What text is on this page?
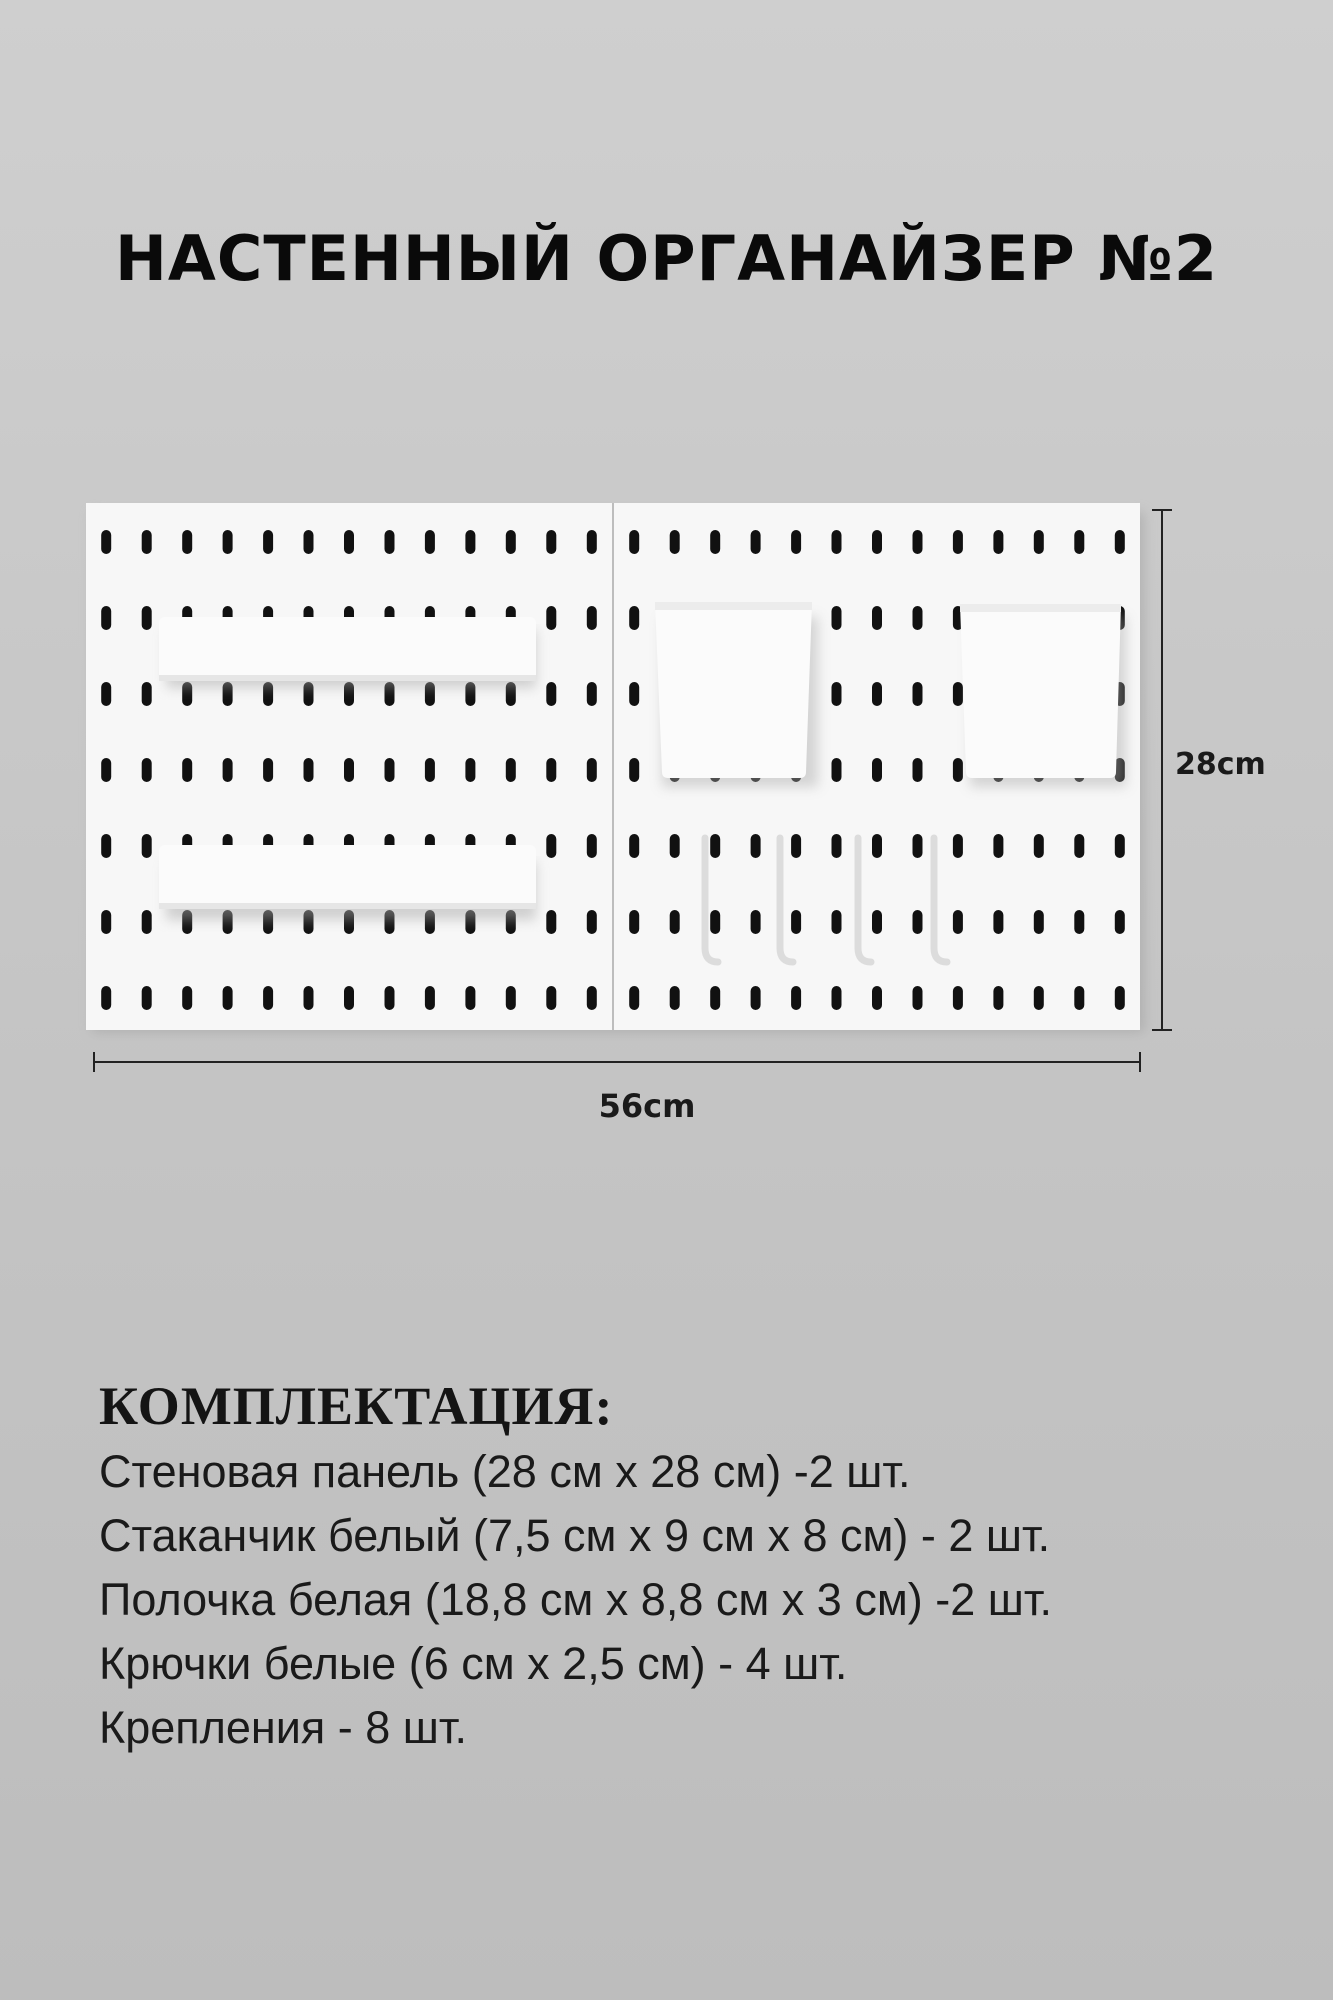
НАСТЕННЫЙ ОРГАНАЙЗЕР №2
28cm
56cm
КОМПЛЕКТАЦИЯ:
Стеновая панель (28 см х 28 см) -2 шт.
Стаканчик белый (7,5 см х 9 см х 8 см) - 2 шт.
Полочка белая (18,8 см х 8,8 см х 3 см) -2 шт.
Крючки белые (6 см х 2,5 см) - 4 шт.
Крепления - 8 шт.
